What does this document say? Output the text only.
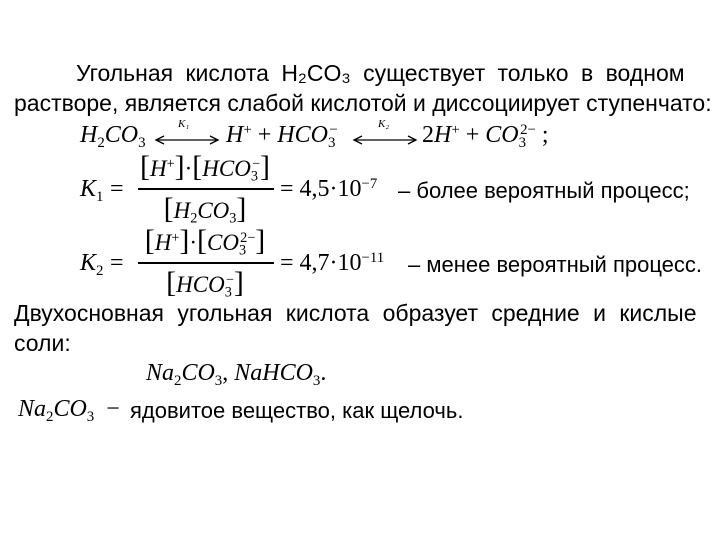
Угольная кислота H₂CO₃ существует только в водном
растворе, является слабой кислотой и диссоциирует ступенчато:
$H_2CO_3$
K₁ $H^+ + HCO_3^-$	K₂ $2H^+ + CO_3^{2-}$ ;
$K_1$ =
$[H^+]\cdot[HCO_3^-]$
$[H_2CO_3]$
= $4,5\cdot 10^{-7}$ – более вероятный процесс;
$K_2$ =
$[H^+]\cdot[CO_3^{2-}]$
$[HCO_3^-]$
= $4,7\cdot 10^{-11}$ – менее вероятный процесс.
Двухосновная угольная кислота образует средние и кислые
соли:
$Na_2CO_3$, NaHCO$_3$.
$Na_2CO_3$ − ядовитое вещество, как щелочь.
